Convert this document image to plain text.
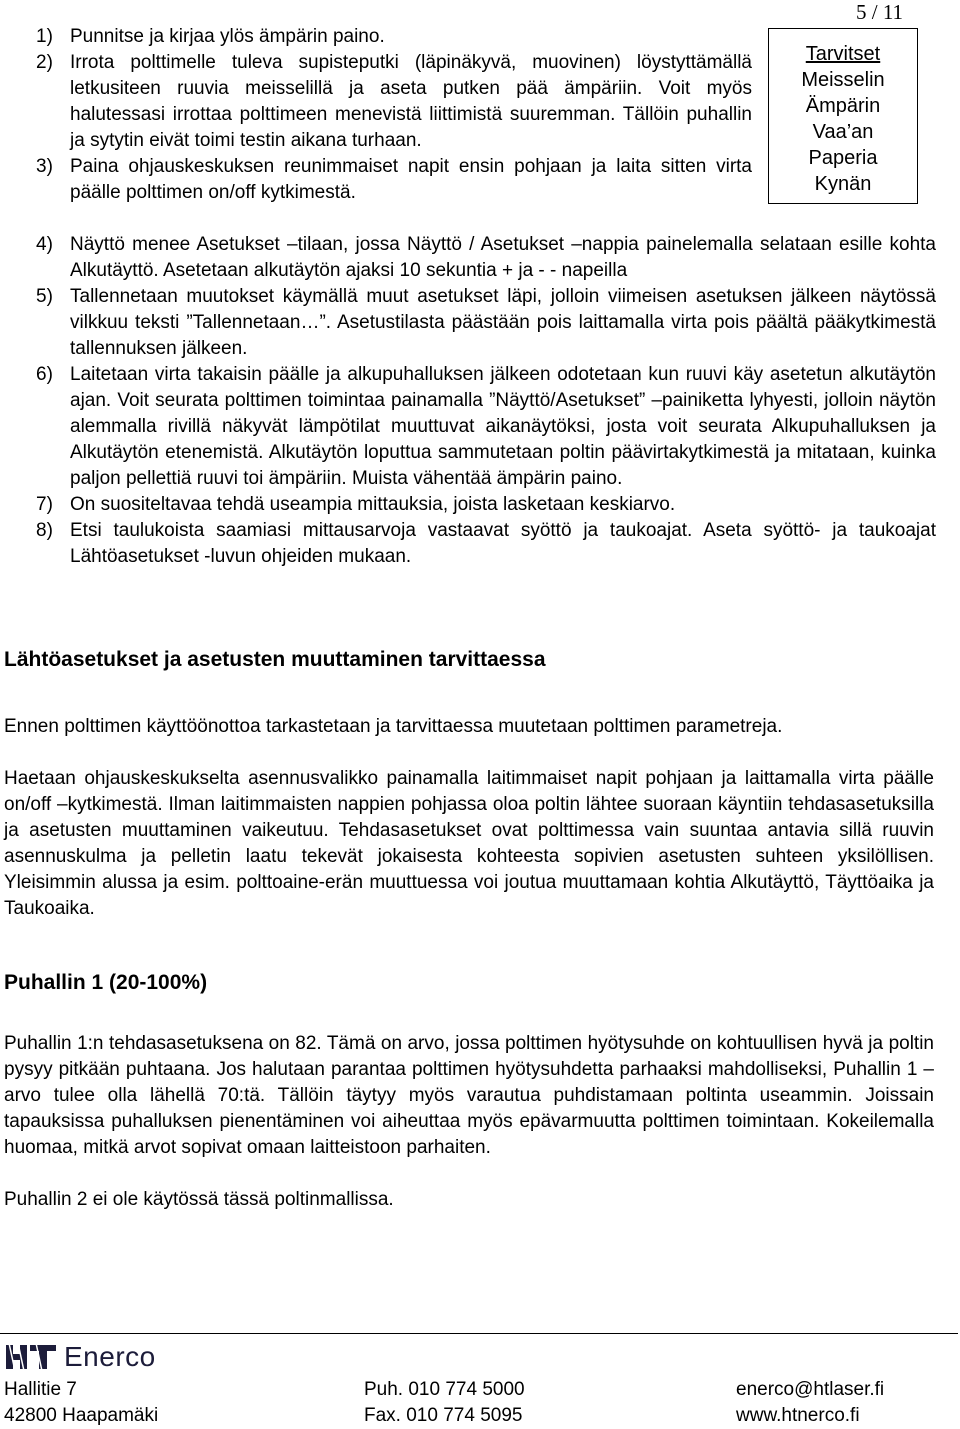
5 / 11
Tarvitset
Meisselin
Ämpärin
Vaa’an
Paperia
Kynän
1) Punnitse ja kirjaa ylös ämpärin paino.
2) Irrota polttimelle tuleva supisteputki (läpinäkyvä, muovinen) löystyttämällä letkusiteen ruuvia meisselillä ja aseta putken pää ämpäriin. Voit myös halutessasi irrottaa polttimeen menevistä liittimistä suuremman. Tällöin puhallin ja sytytin eivät toimi testin aikana turhaan.
3) Paina ohjauskeskuksen reunimmaiset napit ensin pohjaan ja laita sitten virta päälle polttimen on/off kytkimestä.
4) Näyttö menee Asetukset –tilaan, jossa Näyttö / Asetukset –nappia painelemalla selataan esille kohta Alkutäyttö. Asetetaan alkutäytön ajaksi 10 sekuntia + ja - - napeilla
5) Tallennetaan muutokset käymällä muut asetukset läpi, jolloin viimeisen asetuksen jälkeen näytössä vilkkuu teksti ”Tallennetaan…”. Asetustilasta päästään pois laittamalla virta pois päältä pääkytkimestä tallennuksen jälkeen.
6) Laitetaan virta takaisin päälle ja alkupuhalluksen jälkeen odotetaan kun ruuvi käy asetetun alkutäytön ajan. Voit seurata polttimen toimintaa painamalla ”Näyttö/Asetukset” –painiketta lyhyesti, jolloin näytön alemmalla rivillä näkyvät lämpötilat muuttuvat aikanäytöksi, josta voit seurata Alkupuhalluksen ja Alkutäytön etenemistä. Alkutäytön loputtua sammutetaan poltin päävirtakytkimestä ja mitataan, kuinka paljon pellettiä ruuvi toi ämpäriin. Muista vähentää ämpärin paino.
7) On suositeltavaa tehdä useampia mittauksia, joista lasketaan keskiarvo.
8) Etsi taulukoista saamiasi mittausarvoja vastaavat syöttö ja taukoajat. Aseta syöttö- ja taukoajat Lähtöasetukset -luvun ohjeiden mukaan.
Lähtöasetukset ja asetusten muuttaminen tarvittaessa

Ennen polttimen käyttöönottoa tarkastetaan ja tarvittaessa muutetaan polttimen parametreja.

Haetaan ohjauskeskukselta asennusvalikko painamalla laitimmaiset napit pohjaan ja laittamalla virta päälle on/off –kytkimestä. Ilman laitimmaisten nappien pohjassa oloa poltin lähtee suoraan käyntiin tehdasasetuksilla ja asetusten muuttaminen vaikeutuu. Tehdasasetukset ovat polttimessa vain suuntaa antavia sillä ruuvin asennuskulma ja pelletin laatu tekevät jokaisesta kohteesta sopivien asetusten suhteen yksilöllisen. Yleisimmin alussa ja esim. polttoaine-erän muuttuessa voi joutua muuttamaan kohtia Alkutäyttö, Täyttöaika ja Taukoaika.

Puhallin 1 (20-100%)

Puhallin 1:n tehdasasetuksena on 82. Tämä on arvo, jossa polttimen hyötysuhde on kohtuullisen hyvä ja poltin pysyy pitkään puhtaana. Jos halutaan parantaa polttimen hyötysuhdetta parhaaksi mahdolliseksi, Puhallin 1 –arvo tulee olla lähellä 70:tä. Tällöin täytyy myös varautua puhdistamaan poltinta useammin. Joissain tapauksissa puhalluksen pienentäminen voi aiheuttaa myös epävarmuutta polttimen toimintaan. Kokeilemalla huomaa, mitkä arvot sopivat omaan laitteistoon parhaiten.

Puhallin 2 ei ole käytössä tässä poltinmallissa.

Enerco
Hallitie 7
42800 Haapamäki
Puh. 010 774 5000
Fax. 010 774 5095
enerco@htlaser.fi
www.htnerco.fi
